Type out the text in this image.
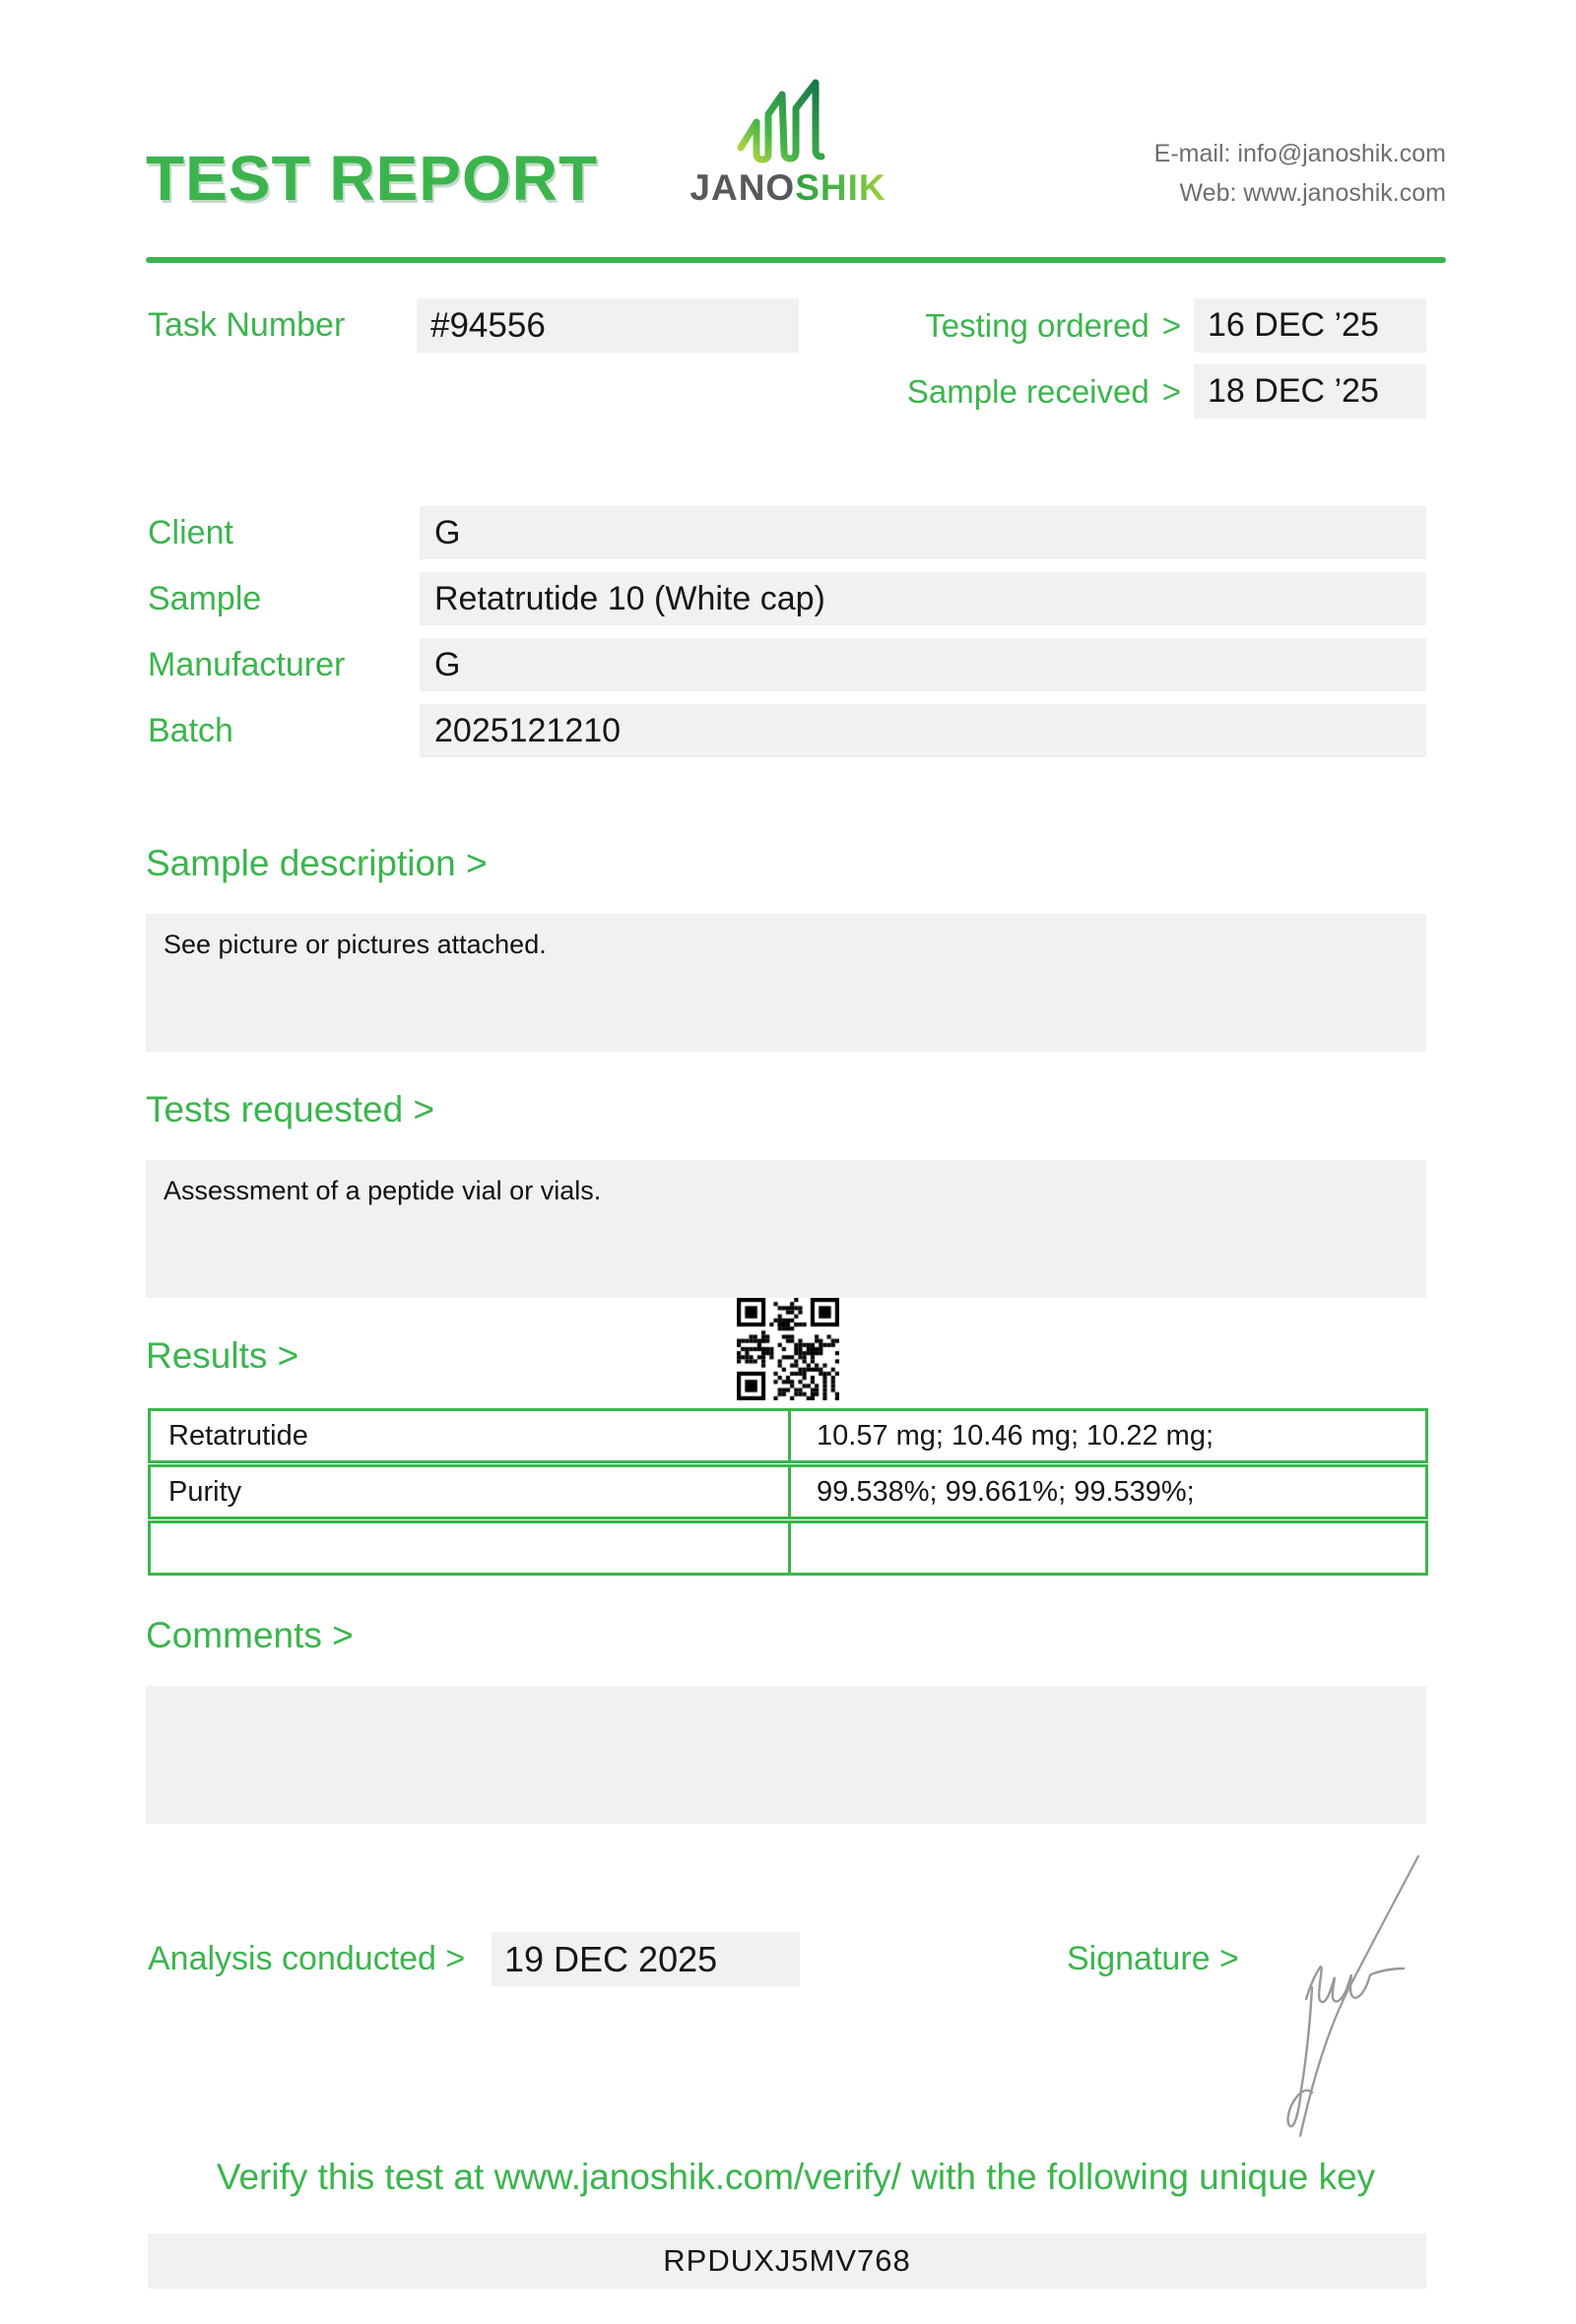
TEST REPORT	JANOSHIK
E-mail: info@janoshik.com
Web: www.janoshik.com
Task Number	#94556	Testing ordered > 16 DEC ’25
Sample received > 18 DEC ’25
Client	G
Sample	Retatrutide 10 (White cap)
Manufacturer	G
Batch	2025121210
Sample description >
See picture or pictures attached.
Tests requested >
Assessment of a peptide vial or vials.
Results >
Retatrutide	10.57 mg; 10.46 mg; 10.22 mg;
Purity	99.538%; 99.661%; 99.539%;
Comments >
Analysis conducted >	19 DEC 2025	Signature >
Verify this test at www.janoshik.com/verify/ with the following unique key
RPDUXJ5MV768
